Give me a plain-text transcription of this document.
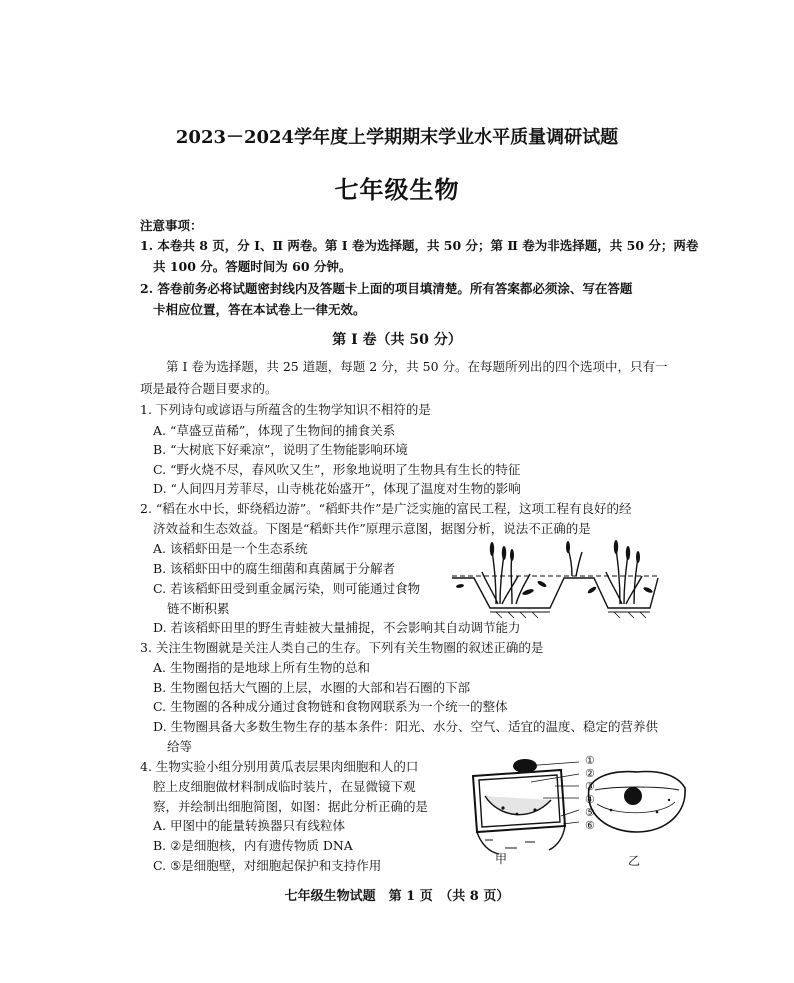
2023－2024学年度上学期期末学业水平质量调研试题
七年级生物
注意事项：
1. 本卷共 8 页，分 Ⅰ、Ⅱ 两卷。第 Ⅰ 卷为选择题，共 50 分；第 Ⅱ 卷为非选择题，共 50 分；两卷
共 100 分。答题时间为 60 分钟。
2. 答卷前务必将试题密封线内及答题卡上面的项目填清楚。所有答案都必须涂、写在答题
卡相应位置，答在本试卷上一律无效。
第 Ⅰ 卷（共 50 分）
第 Ⅰ 卷为选择题，共 25 道题，每题 2 分，共 50 分。在每题所列出的四个选项中，只有一
项是最符合题目要求的。
1. 下列诗句或谚语与所蕴含的生物学知识不相符的是
A. “草盛豆苗稀”，体现了生物间的捕食关系
B. “大树底下好乘凉”，说明了生物能影响环境
C. “野火烧不尽，春风吹又生”，形象地说明了生物具有生长的特征
D. “人间四月芳菲尽，山寺桃花始盛开”，体现了温度对生物的影响
2. “稻在水中长，虾绕稻边游”。“稻虾共作”是广泛实施的富民工程，这项工程有良好的经
济效益和生态效益。下图是“稻虾共作”原理示意图，据图分析，说法不正确的是
A. 该稻虾田是一个生态系统
B. 该稻虾田中的腐生细菌和真菌属于分解者
C. 若该稻虾田受到重金属污染，则可能通过食物
链不断积累
D. 若该稻虾田里的野生青蛙被大量捕捉，不会影响其自动调节能力
3. 关注生物圈就是关注人类自己的生存。下列有关生物圈的叙述正确的是
A. 生物圈指的是地球上所有生物的总和
B. 生物圈包括大气圈的上层，水圈的大部和岩石圈的下部
C. 生物圈的各种成分通过食物链和食物网联系为一个统一的整体
D. 生物圈具备大多数生物生存的基本条件：阳光、水分、空气、适宜的温度、稳定的营养供
给等
4. 生物实验小组分别用黄瓜表层果肉细胞和人的口
腔上皮细胞做材料制成临时装片，在显微镜下观
察，并绘制出细胞简图，如图：据此分析正确的是
A. 甲图中的能量转换器只有线粒体
B. ②是细胞核，内有遗传物质 DNA
C. ⑤是细胞壁，对细胞起保护和支持作用
①
②
③
④
⑤
⑥
甲	乙
七年级生物试题　第 1 页　（共 8 页）
